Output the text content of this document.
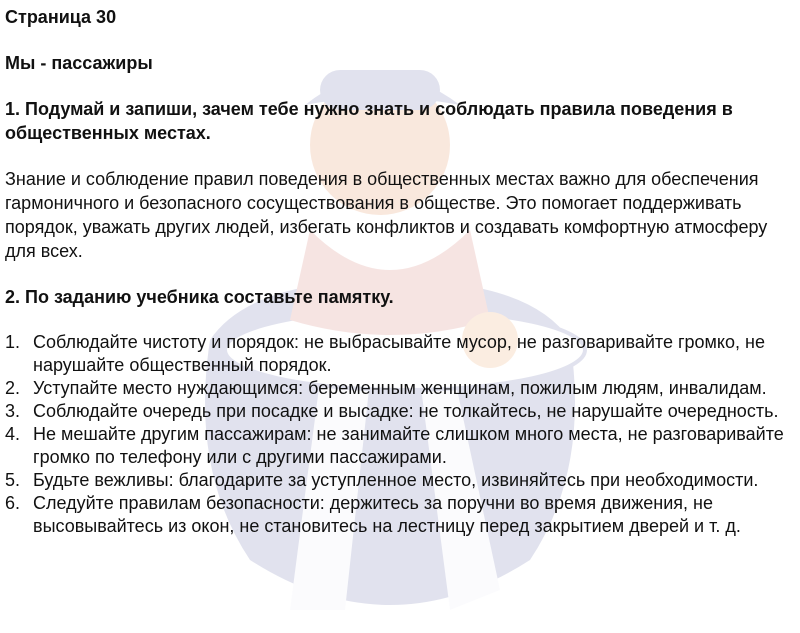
Страница 30
Мы - пассажиры
1. Подумай и запиши, зачем тебе нужно знать и соблюдать правила поведения в общественных местах.
Знание и соблюдение правил поведения в общественных местах важно для обеспечения гармоничного и безопасного сосуществования в обществе. Это помогает поддерживать порядок, уважать других людей, избегать конфликтов и создавать комфортную атмосферу для всех.
2. По заданию учебника составьте памятку.
1. Соблюдайте чистоту и порядок: не выбрасывайте мусор, не разговаривайте громко, не нарушайте общественный порядок.
2. Уступайте место нуждающимся: беременным женщинам, пожилым людям, инвалидам.
3. Соблюдайте очередь при посадке и высадке: не толкайтесь, не нарушайте очередность.
4. Не мешайте другим пассажирам: не занимайте слишком много места, не разговаривайте громко по телефону или с другими пассажирами.
5. Будьте вежливы: благодарите за уступленное место, извиняйтесь при необходимости.
6. Следуйте правилам безопасности: держитесь за поручни во время движения, не высовывайтесь из окон, не становитесь на лестницу перед закрытием дверей и т. д.
